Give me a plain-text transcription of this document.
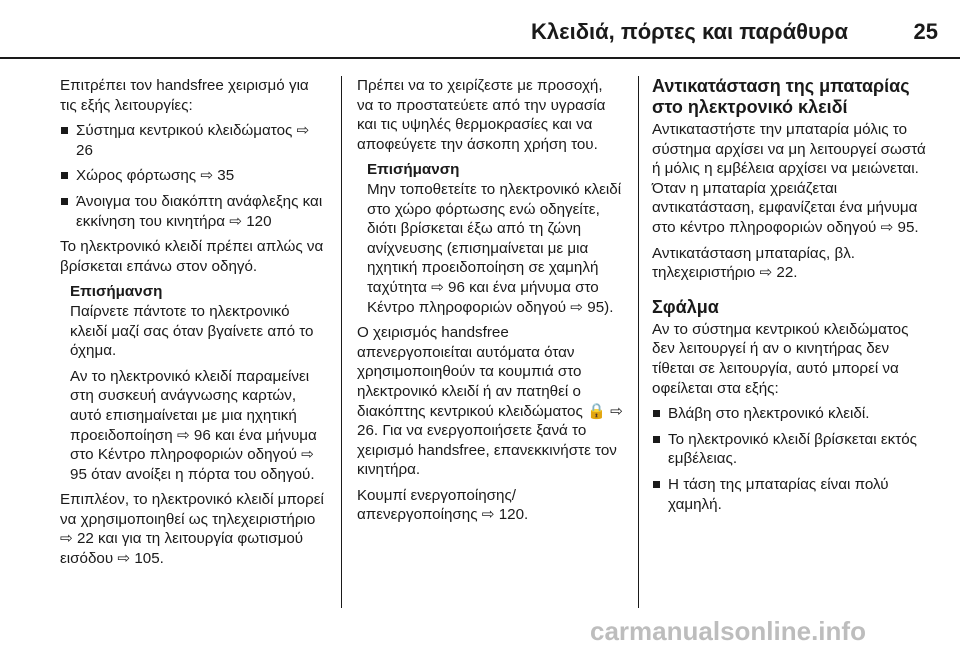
Κλειδιά, πόρτες και παράθυρα	25

Επιτρέπει τον handsfree χειρισμό για τις εξής λειτουργίες:

Σύστημα κεντρικού κλειδώματος ⇨ 26
Χώρος φόρτωσης ⇨ 35
Άνοιγμα του διακόπτη ανάφλεξης και εκκίνηση του κινητήρα ⇨ 120

Το ηλεκτρονικό κλειδί πρέπει απλώς να βρίσκεται επάνω στον οδηγό.

Επισήμανση

Παίρνετε πάντοτε το ηλεκτρονικό κλειδί μαζί σας όταν βγαίνετε από το όχημα.

Αν το ηλεκτρονικό κλειδί παραμείνει στη συσκευή ανάγνωσης καρτών, αυτό επισημαίνεται με μια ηχητική προειδοποίηση ⇨ 96 και ένα μήνυμα στο Κέντρο πληροφοριών οδηγού ⇨ 95 όταν ανοίξει η πόρτα του οδηγού.

Επιπλέον, το ηλεκτρονικό κλειδί μπορεί να χρησιμοποιηθεί ως τηλεχειριστήριο ⇨ 22 και για τη λειτουργία φωτισμού εισόδου ⇨ 105.

Πρέπει να το χειρίζεστε με προσοχή, να το προστατεύετε από την υγρασία και τις υψηλές θερμοκρασίες και να αποφεύγετε την άσκοπη χρήση του.

Επισήμανση

Μην τοποθετείτε το ηλεκτρονικό κλειδί στο χώρο φόρτωσης ενώ οδηγείτε, διότι βρίσκεται έξω από τη ζώνη ανίχνευσης (επισημαίνεται με μια ηχητική προειδοποίηση σε χαμηλή ταχύτητα ⇨ 96 και ένα μήνυμα στο Κέντρο πληροφοριών οδηγού ⇨ 95).

Ο χειρισμός handsfree απενεργοποιείται αυτόματα όταν χρησιμοποιηθούν τα κουμπιά στο ηλεκτρονικό κλειδί ή αν πατηθεί ο διακόπτης κεντρικού κλειδώματος 🔒 ⇨ 26. Για να ενεργοποιήσετε ξανά το χειρισμό handsfree, επανεκκινήστε τον κινητήρα.

Κουμπί ενεργοποίησης/απενεργοποίησης ⇨ 120.

Αντικατάσταση της μπαταρίας στο ηλεκτρονικό κλειδί

Αντικαταστήστε την μπαταρία μόλις το σύστημα αρχίσει να μη λειτουργεί σωστά ή μόλις η εμβέλεια αρχίσει να μειώνεται. Όταν η μπαταρία χρειάζεται αντικατάσταση, εμφανίζεται ένα μήνυμα στο κέντρο πληροφοριών οδηγού ⇨ 95.

Αντικατάσταση μπαταρίας, βλ. τηλεχειριστήριο ⇨ 22.

Σφάλμα

Αν το σύστημα κεντρικού κλειδώματος δεν λειτουργεί ή αν ο κινητήρας δεν τίθεται σε λειτουργία, αυτό μπορεί να οφείλεται στα εξής:

Βλάβη στο ηλεκτρονικό κλειδί.
Το ηλεκτρονικό κλειδί βρίσκεται εκτός εμβέλειας.
Η τάση της μπαταρίας είναι πολύ χαμηλή.
carmanualsonline.info
